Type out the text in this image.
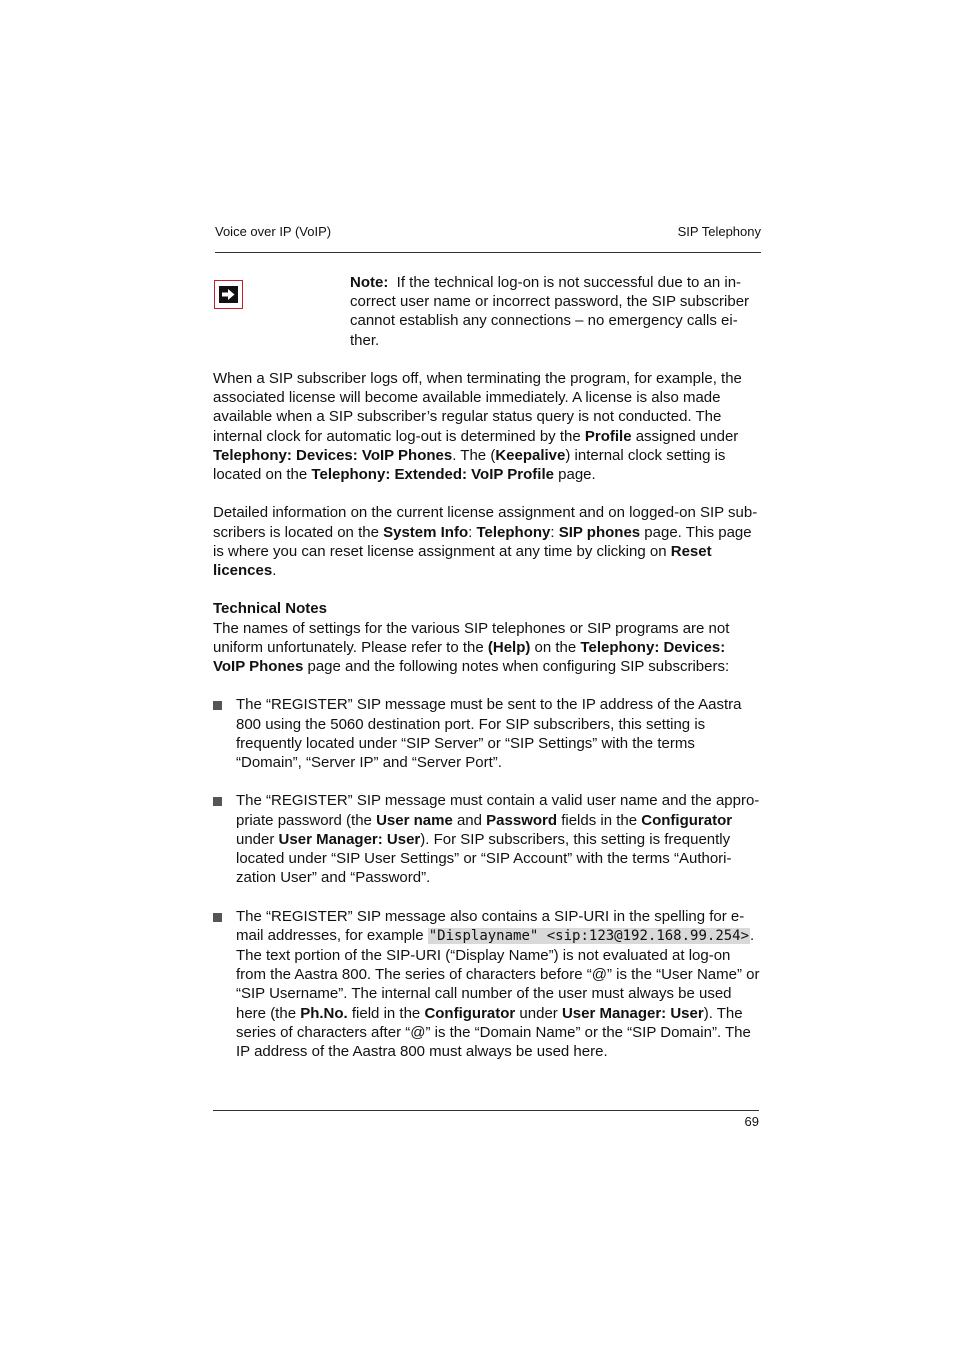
Voice over IP (VoIP)	SIP Telephony
Note: If the technical log-on is not successful due to an in-correct user name or incorrect password, the SIP subscriber cannot establish any connections – no emergency calls ei-ther.

When a SIP subscriber logs off, when terminating the program, for example, the associated license will become available immediately. A license is also made available when a SIP subscriber’s regular status query is not conducted. The internal clock for automatic log-out is determined by the Profile assigned under Telephony: Devices: VoIP Phones. The (Keepalive) internal clock setting is located on the Telephony: Extended: VoIP Profile page.

Detailed information on the current license assignment and on logged-on SIP sub-scribers is located on the System Info: Telephony: SIP phones page. This page is where you can reset license assignment at any time by clicking on Reset licences.

Technical Notes

The names of settings for the various SIP telephones or SIP programs are not uniform unfortunately. Please refer to the (Help) on the Telephony: Devices: VoIP Phones page and the following notes when configuring SIP subscribers:

The “REGISTER” SIP message must be sent to the IP address of the Aastra 800 using the 5060 destination port. For SIP subscribers, this setting is frequently located under “SIP Server” or “SIP Settings” with the terms “Domain”, “Server IP” and “Server Port”.
The “REGISTER” SIP message must contain a valid user name and the appro-priate password (the User name and Password fields in the Configurator under User Manager: User). For SIP subscribers, this setting is frequently located under “SIP User Settings” or “SIP Account” with the terms “Authori-zation User” and “Password”.
The “REGISTER” SIP message also contains a SIP-URI in the spelling for e-mail addresses, for example "Displayname" <sip:123@192.168.99.254>. The text portion of the SIP-URI (“Display Name”) is not evaluated at log-on from the Aastra 800. The series of characters before “@” is the “User Name” or “SIP Username”. The internal call number of the user must always be used here (the Ph.No. field in the Configurator under User Manager: User). The series of characters after “@” is the “Domain Name” or the “SIP Domain”. The IP address of the Aastra 800 must always be used here.
69
